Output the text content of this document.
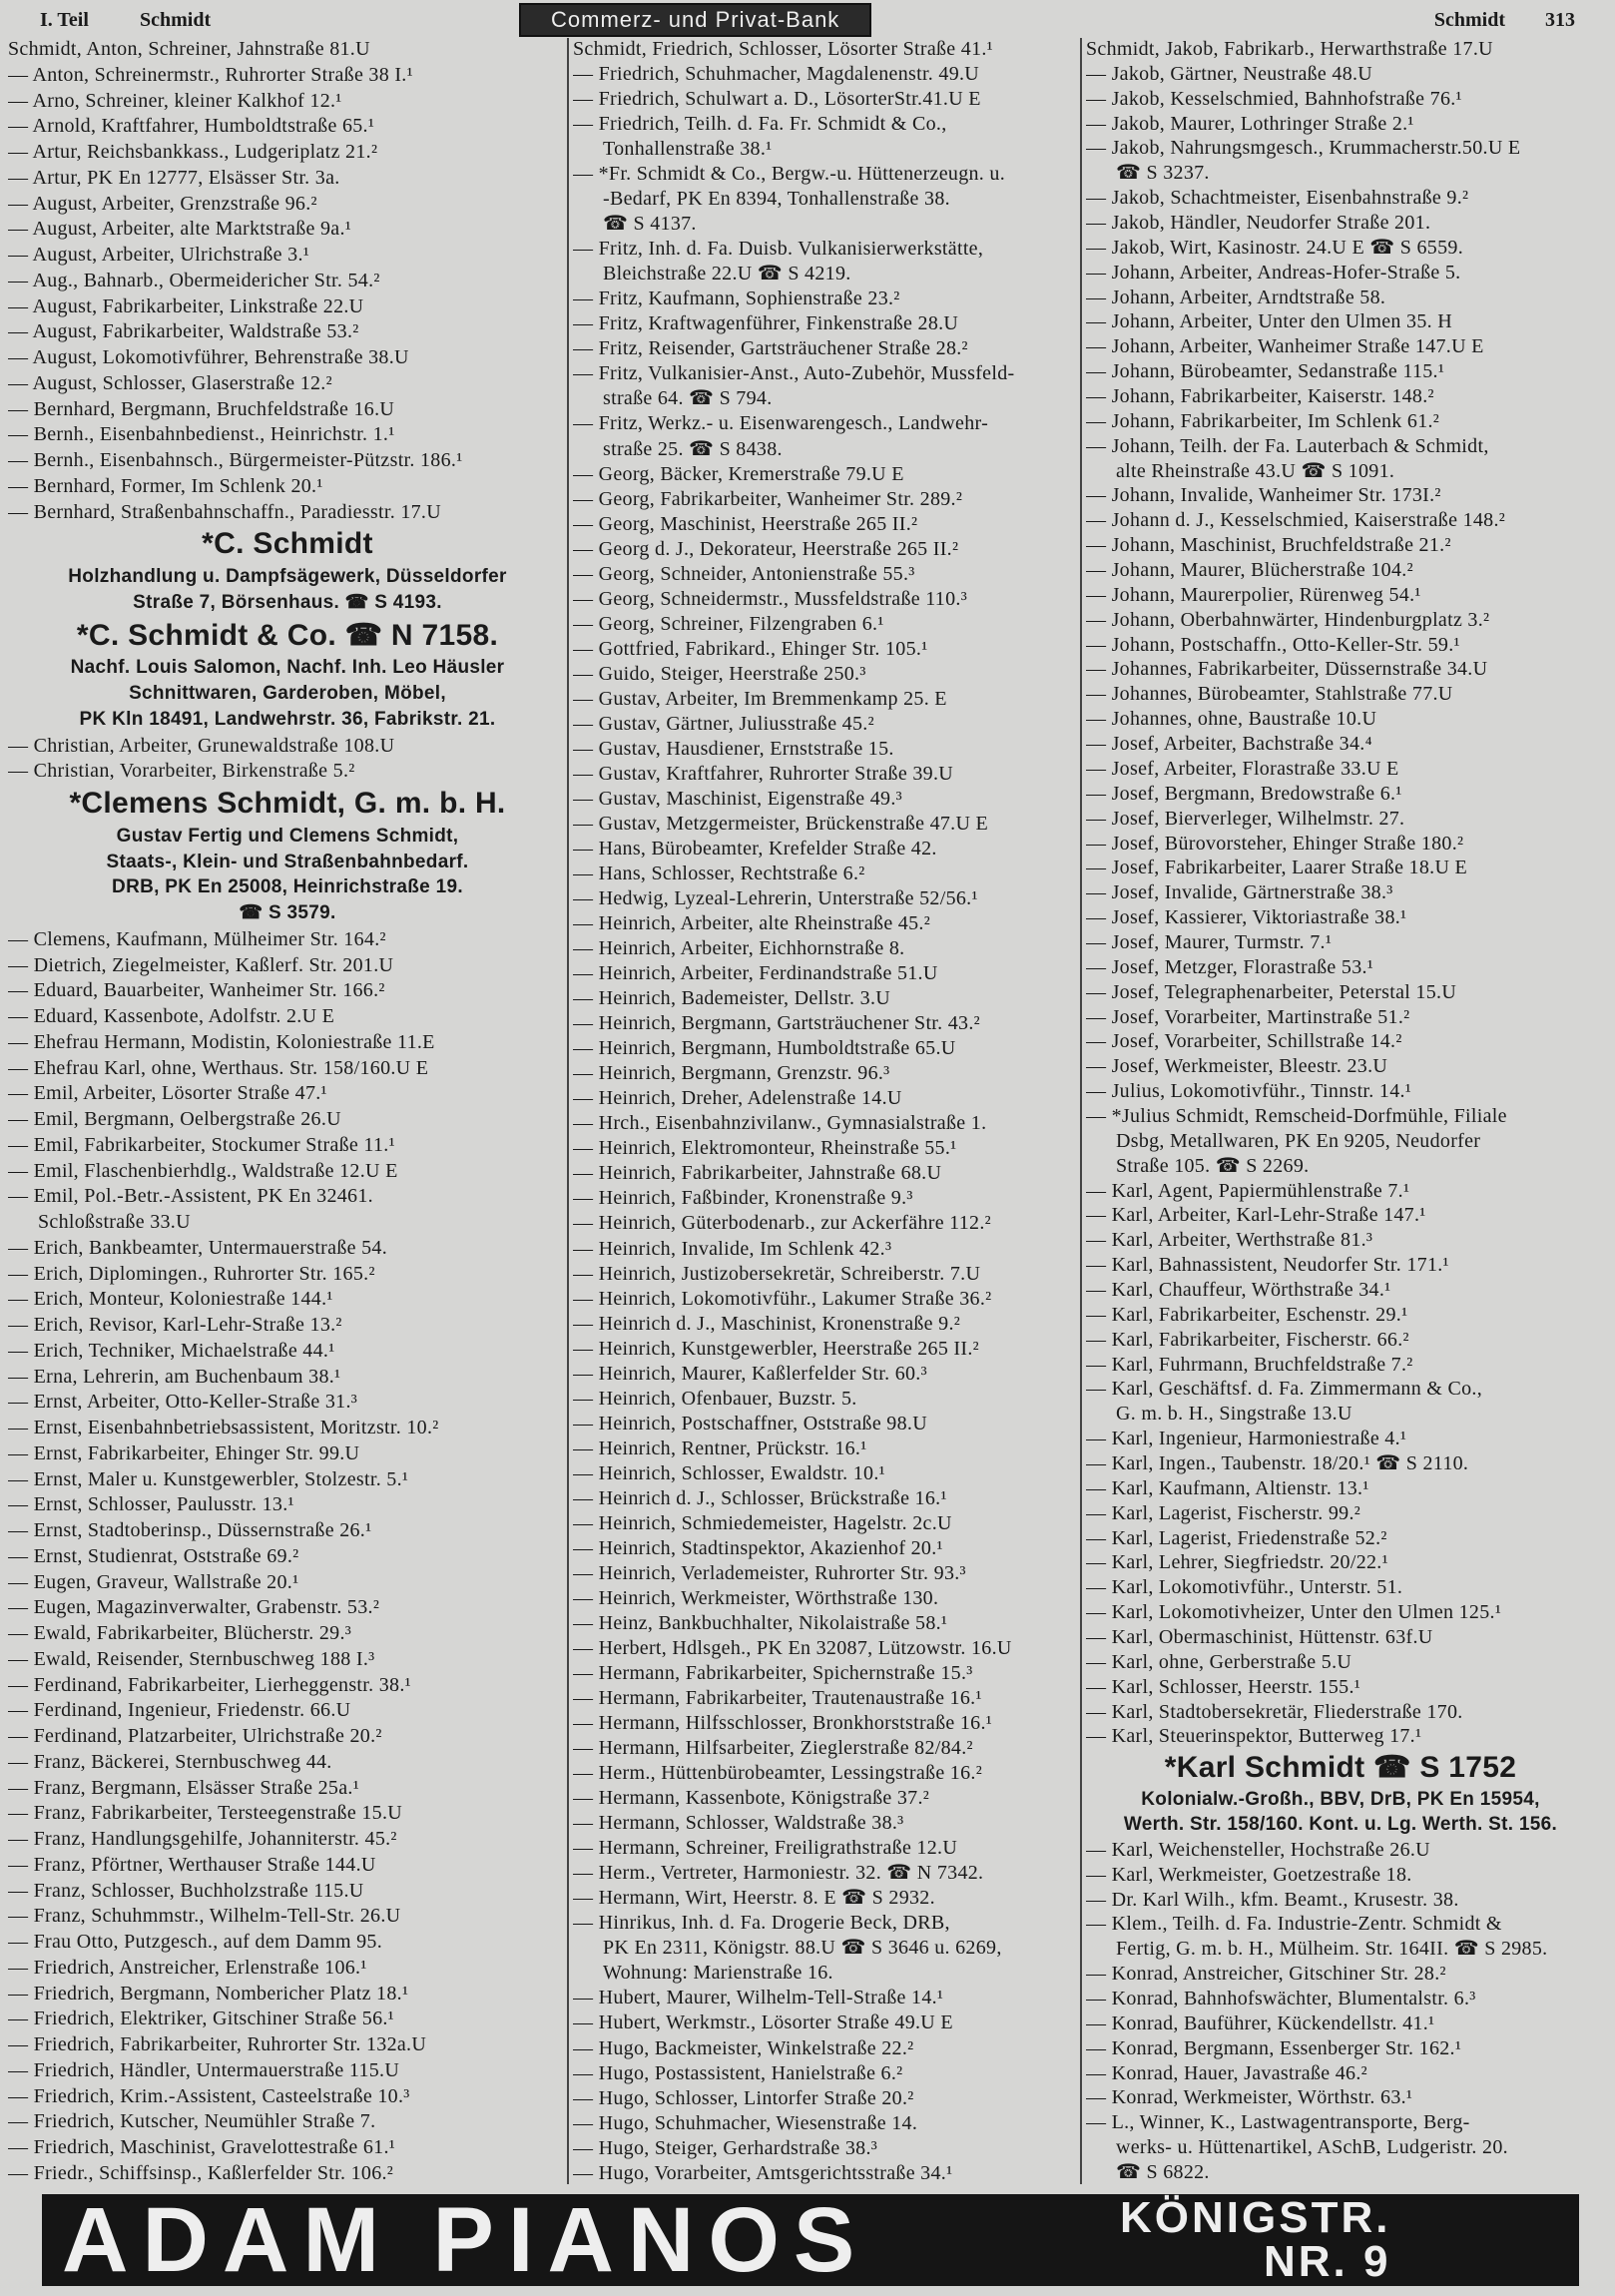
I. Teil	Schmidt	Commerz- und Privat-Bank	Schmidt 313
Schmidt, Anton, Schreiner, Jahnstraße 81.U
— Anton, Schreinermstr., Ruhrorter Straße 38 I.¹
— Arno, Schreiner, kleiner Kalkhof 12.¹
— Arnold, Kraftfahrer, Humboldtstraße 65.¹
— Artur, Reichsbankkass., Ludgeriplatz 21.²
— Artur, PK En 12777, Elsässer Str. 3a.
— August, Arbeiter, Grenzstraße 96.²
— August, Arbeiter, alte Marktstraße 9a.¹
— August, Arbeiter, Ulrichstraße 3.¹
— Aug., Bahnarb., Obermeidericher Str. 54.²
— August, Fabrikarbeiter, Linkstraße 22.U
— August, Fabrikarbeiter, Waldstraße 53.²
— August, Lokomotivführer, Behrenstraße 38.U
— August, Schlosser, Glaserstraße 12.²
— Bernhard, Bergmann, Bruchfeldstraße 16.U
— Bernh., Eisenbahnbedienst., Heinrichstr. 1.¹
— Bernh., Eisenbahnsch., Bürgermeister-Pützstr. 186.¹
— Bernhard, Former, Im Schlenk 20.¹
— Bernhard, Straßenbahnschaffn., Paradiesstr. 17.U
*C. Schmidt
Holzhandlung u. Dampfsägewerk, Düsseldorfer
Straße 7, Börsenhaus. ☎ S 4193.
*C. Schmidt & Co. ☎ N 7158.
Nachf. Louis Salomon, Nachf. Inh. Leo Häusler
Schnittwaren, Garderoben, Möbel,
PK Kln 18491, Landwehrstr. 36, Fabrikstr. 21.
— Christian, Arbeiter, Grunewaldstraße 108.U
— Christian, Vorarbeiter, Birkenstraße 5.²
*Clemens Schmidt, G. m. b. H.
Gustav Fertig und Clemens Schmidt,
Staats-, Klein- und Straßenbahnbedarf.
DRB, PK En 25008, Heinrichstraße 19.
☎ S 3579.
— Clemens, Kaufmann, Mülheimer Str. 164.²
— Dietrich, Ziegelmeister, Kaßlerf. Str. 201.U
— Eduard, Bauarbeiter, Wanheimer Str. 166.²
— Eduard, Kassenbote, Adolfstr. 2.U E
— Ehefrau Hermann, Modistin, Koloniestraße 11.E
— Ehefrau Karl, ohne, Werthaus. Str. 158/160.U E
— Emil, Arbeiter, Lösorter Straße 47.¹
— Emil, Bergmann, Oelbergstraße 26.U
— Emil, Fabrikarbeiter, Stockumer Straße 11.¹
— Emil, Flaschenbierhdlg., Waldstraße 12.U E
— Emil, Pol.-Betr.-Assistent, PK En 32461.
Schloßstraße 33.U
— Erich, Bankbeamter, Untermauerstraße 54.
— Erich, Diplomingen., Ruhrorter Str. 165.²
— Erich, Monteur, Koloniestraße 144.¹
— Erich, Revisor, Karl-Lehr-Straße 13.²
— Erich, Techniker, Michaelstraße 44.¹
— Erna, Lehrerin, am Buchenbaum 38.¹
— Ernst, Arbeiter, Otto-Keller-Straße 31.³
— Ernst, Eisenbahnbetriebsassistent, Moritzstr. 10.²
— Ernst, Fabrikarbeiter, Ehinger Str. 99.U
— Ernst, Maler u. Kunstgewerbler, Stolzestr. 5.¹
— Ernst, Schlosser, Paulusstr. 13.¹
— Ernst, Stadtoberinsp., Düssernstraße 26.¹
— Ernst, Studienrat, Oststraße 69.²
— Eugen, Graveur, Wallstraße 20.¹
— Eugen, Magazinverwalter, Grabenstr. 53.²
— Ewald, Fabrikarbeiter, Blücherstr. 29.³
— Ewald, Reisender, Sternbuschweg 188 I.³
— Ferdinand, Fabrikarbeiter, Lierheggenstr. 38.¹
— Ferdinand, Ingenieur, Friedenstr. 66.U
— Ferdinand, Platzarbeiter, Ulrichstraße 20.²
— Franz, Bäckerei, Sternbuschweg 44.
— Franz, Bergmann, Elsässer Straße 25a.¹
— Franz, Fabrikarbeiter, Tersteegenstraße 15.U
— Franz, Handlungsgehilfe, Johanniterstr. 45.²
— Franz, Pförtner, Werthauser Straße 144.U
— Franz, Schlosser, Buchholzstraße 115.U
— Franz, Schuhmmstr., Wilhelm-Tell-Str. 26.U
— Frau Otto, Putzgesch., auf dem Damm 95.
— Friedrich, Anstreicher, Erlenstraße 106.¹
— Friedrich, Bergmann, Nombericher Platz 18.¹
— Friedrich, Elektriker, Gitschiner Straße 56.¹
— Friedrich, Fabrikarbeiter, Ruhrorter Str. 132a.U
— Friedrich, Händler, Untermauerstraße 115.U
— Friedrich, Krim.-Assistent, Casteelstraße 10.³
— Friedrich, Kutscher, Neumühler Straße 7.
— Friedrich, Maschinist, Gravelottestraße 61.¹
— Friedr., Schiffsinsp., Kaßlerfelder Str. 106.²
Schmidt, Friedrich, Schlosser, Lösorter Straße 41.¹
— Friedrich, Schuhmacher, Magdalenenstr. 49.U
— Friedrich, Schulwart a. D., LösorterStr.41.U E
— Friedrich, Teilh. d. Fa. Fr. Schmidt & Co.,
Tonhallenstraße 38.¹
— *Fr. Schmidt & Co., Bergw.-u. Hüttenerzeugn. u.
-Bedarf, PK En 8394, Tonhallenstraße 38.
☎ S 4137.
— Fritz, Inh. d. Fa. Duisb. Vulkanisierwerkstätte,
Bleichstraße 22.U ☎ S 4219.
— Fritz, Kaufmann, Sophienstraße 23.²
— Fritz, Kraftwagenführer, Finkenstraße 28.U
— Fritz, Reisender, Gartsträuchener Straße 28.²
— Fritz, Vulkanisier-Anst., Auto-Zubehör, Mussfeld-
straße 64. ☎ S 794.
— Fritz, Werkz.- u. Eisenwarengesch., Landwehr-
straße 25. ☎ S 8438.
— Georg, Bäcker, Kremerstraße 79.U E
— Georg, Fabrikarbeiter, Wanheimer Str. 289.²
— Georg, Maschinist, Heerstraße 265 II.²
— Georg d. J., Dekorateur, Heerstraße 265 II.²
— Georg, Schneider, Antonienstraße 55.³
— Georg, Schneidermstr., Mussfeldstraße 110.³
— Georg, Schreiner, Filzengraben 6.¹
— Gottfried, Fabrikard., Ehinger Str. 105.¹
— Guido, Steiger, Heerstraße 250.³
— Gustav, Arbeiter, Im Bremmenkamp 25. E
— Gustav, Gärtner, Juliusstraße 45.²
— Gustav, Hausdiener, Ernststraße 15.
— Gustav, Kraftfahrer, Ruhrorter Straße 39.U
— Gustav, Maschinist, Eigenstraße 49.³
— Gustav, Metzgermeister, Brückenstraße 47.U E
— Hans, Bürobeamter, Krefelder Straße 42.
— Hans, Schlosser, Rechtstraße 6.²
— Hedwig, Lyzeal-Lehrerin, Unterstraße 52/56.¹
— Heinrich, Arbeiter, alte Rheinstraße 45.²
— Heinrich, Arbeiter, Eichhornstraße 8.
— Heinrich, Arbeiter, Ferdinandstraße 51.U
— Heinrich, Bademeister, Dellstr. 3.U
— Heinrich, Bergmann, Gartsträuchener Str. 43.²
— Heinrich, Bergmann, Humboldtstraße 65.U
— Heinrich, Bergmann, Grenzstr. 96.³
— Heinrich, Dreher, Adelenstraße 14.U
— Hrch., Eisenbahnzivilanw., Gymnasialstraße 1.
— Heinrich, Elektromonteur, Rheinstraße 55.¹
— Heinrich, Fabrikarbeiter, Jahnstraße 68.U
— Heinrich, Faßbinder, Kronenstraße 9.³
— Heinrich, Güterbodenarb., zur Ackerfähre 112.²
— Heinrich, Invalide, Im Schlenk 42.³
— Heinrich, Justizobersekretär, Schreiberstr. 7.U
— Heinrich, Lokomotivführ., Lakumer Straße 36.²
— Heinrich d. J., Maschinist, Kronenstraße 9.²
— Heinrich, Kunstgewerbler, Heerstraße 265 II.²
— Heinrich, Maurer, Kaßlerfelder Str. 60.³
— Heinrich, Ofenbauer, Buzstr. 5.
— Heinrich, Postschaffner, Oststraße 98.U
— Heinrich, Rentner, Prückstr. 16.¹
— Heinrich, Schlosser, Ewaldstr. 10.¹
— Heinrich d. J., Schlosser, Brückstraße 16.¹
— Heinrich, Schmiedemeister, Hagelstr. 2c.U
— Heinrich, Stadtinspektor, Akazienhof 20.¹
— Heinrich, Verlademeister, Ruhrorter Str. 93.³
— Heinrich, Werkmeister, Wörthstraße 130.
— Heinz, Bankbuchhalter, Nikolaistraße 58.¹
— Herbert, Hdlsgeh., PK En 32087, Lützowstr. 16.U
— Hermann, Fabrikarbeiter, Spichernstraße 15.³
— Hermann, Fabrikarbeiter, Trautenaustraße 16.¹
— Hermann, Hilfsschlosser, Bronkhorststraße 16.¹
— Hermann, Hilfsarbeiter, Zieglerstraße 82/84.²
— Herm., Hüttenbürobeamter, Lessingstraße 16.²
— Hermann, Kassenbote, Königstraße 37.²
— Hermann, Schlosser, Waldstraße 38.³
— Hermann, Schreiner, Freiligrathstraße 12.U
— Herm., Vertreter, Harmoniestr. 32. ☎ N 7342.
— Hermann, Wirt, Heerstr. 8. E ☎ S 2932.
— Hinrikus, Inh. d. Fa. Drogerie Beck, DRB,
PK En 2311, Königstr. 88.U ☎ S 3646 u. 6269,
Wohnung: Marienstraße 16.
— Hubert, Maurer, Wilhelm-Tell-Straße 14.¹
— Hubert, Werkmstr., Lösorter Straße 49.U E
— Hugo, Backmeister, Winkelstraße 22.²
— Hugo, Postassistent, Hanielstraße 6.²
— Hugo, Schlosser, Lintorfer Straße 20.²
— Hugo, Schuhmacher, Wiesenstraße 14.
— Hugo, Steiger, Gerhardstraße 38.³
— Hugo, Vorarbeiter, Amtsgerichtsstraße 34.¹
Schmidt, Jakob, Fabrikarb., Herwarthstraße 17.U
— Jakob, Gärtner, Neustraße 48.U
— Jakob, Kesselschmied, Bahnhofstraße 76.¹
— Jakob, Maurer, Lothringer Straße 2.¹
— Jakob, Nahrungsmgesch., Krummacherstr.50.U E
☎ S 3237.
— Jakob, Schachtmeister, Eisenbahnstraße 9.²
— Jakob, Händler, Neudorfer Straße 201.
— Jakob, Wirt, Kasinostr. 24.U E ☎ S 6559.
— Johann, Arbeiter, Andreas-Hofer-Straße 5.
— Johann, Arbeiter, Arndtstraße 58.
— Johann, Arbeiter, Unter den Ulmen 35. H
— Johann, Arbeiter, Wanheimer Straße 147.U E
— Johann, Bürobeamter, Sedanstraße 115.¹
— Johann, Fabrikarbeiter, Kaiserstr. 148.²
— Johann, Fabrikarbeiter, Im Schlenk 61.²
— Johann, Teilh. der Fa. Lauterbach & Schmidt,
alte Rheinstraße 43.U ☎ S 1091.
— Johann, Invalide, Wanheimer Str. 173I.²
— Johann d. J., Kesselschmied, Kaiserstraße 148.²
— Johann, Maschinist, Bruchfeldstraße 21.²
— Johann, Maurer, Blücherstraße 104.²
— Johann, Maurerpolier, Rürenweg 54.¹
— Johann, Oberbahnwärter, Hindenburgplatz 3.²
— Johann, Postschaffn., Otto-Keller-Str. 59.¹
— Johannes, Fabrikarbeiter, Düssernstraße 34.U
— Johannes, Bürobeamter, Stahlstraße 77.U
— Johannes, ohne, Baustraße 10.U
— Josef, Arbeiter, Bachstraße 34.⁴
— Josef, Arbeiter, Florastraße 33.U E
— Josef, Bergmann, Bredowstraße 6.¹
— Josef, Bierverleger, Wilhelmstr. 27.
— Josef, Bürovorsteher, Ehinger Straße 180.²
— Josef, Fabrikarbeiter, Laarer Straße 18.U E
— Josef, Invalide, Gärtnerstraße 38.³
— Josef, Kassierer, Viktoriastraße 38.¹
— Josef, Maurer, Turmstr. 7.¹
— Josef, Metzger, Florastraße 53.¹
— Josef, Telegraphenarbeiter, Peterstal 15.U
— Josef, Vorarbeiter, Martinstraße 51.²
— Josef, Vorarbeiter, Schillstraße 14.²
— Josef, Werkmeister, Bleestr. 23.U
— Julius, Lokomotivführ., Tinnstr. 14.¹
— *Julius Schmidt, Remscheid-Dorfmühle, Filiale
Dsbg, Metallwaren, PK En 9205, Neudorfer
Straße 105. ☎ S 2269.
— Karl, Agent, Papiermühlenstraße 7.¹
— Karl, Arbeiter, Karl-Lehr-Straße 147.¹
— Karl, Arbeiter, Werthstraße 81.³
— Karl, Bahnassistent, Neudorfer Str. 171.¹
— Karl, Chauffeur, Wörthstraße 34.¹
— Karl, Fabrikarbeiter, Eschenstr. 29.¹
— Karl, Fabrikarbeiter, Fischerstr. 66.²
— Karl, Fuhrmann, Bruchfeldstraße 7.²
— Karl, Geschäftsf. d. Fa. Zimmermann & Co.,
G. m. b. H., Singstraße 13.U
— Karl, Ingenieur, Harmoniestraße 4.¹
— Karl, Ingen., Taubenstr. 18/20.¹ ☎ S 2110.
— Karl, Kaufmann, Altienstr. 13.¹
— Karl, Lagerist, Fischerstr. 99.²
— Karl, Lagerist, Friedenstraße 52.²
— Karl, Lehrer, Siegfriedstr. 20/22.¹
— Karl, Lokomotivführ., Unterstr. 51.
— Karl, Lokomotivheizer, Unter den Ulmen 125.¹
— Karl, Obermaschinist, Hüttenstr. 63f.U
— Karl, ohne, Gerberstraße 5.U
— Karl, Schlosser, Heerstr. 155.¹
— Karl, Stadtobersekretär, Fliederstraße 170.
— Karl, Steuerinspektor, Butterweg 17.¹
*Karl Schmidt ☎ S 1752
Kolonialw.-Großh., BBV, DrB, PK En 15954,
Werth. Str. 158/160. Kont. u. Lg. Werth. St. 156.
— Karl, Weichensteller, Hochstraße 26.U
— Karl, Werkmeister, Goetzestraße 18.
— Dr. Karl Wilh., kfm. Beamt., Krusestr. 38.
— Klem., Teilh. d. Fa. Industrie-Zentr. Schmidt &
Fertig, G. m. b. H., Mülheim. Str. 164II. ☎ S 2985.
— Konrad, Anstreicher, Gitschiner Str. 28.²
— Konrad, Bahnhofswächter, Blumentalstr. 6.³
— Konrad, Bauführer, Kückendellstr. 41.¹
— Konrad, Bergmann, Essenberger Str. 162.¹
— Konrad, Hauer, Javastraße 46.²
— Konrad, Werkmeister, Wörthstr. 63.¹
— L., Winner, K., Lastwagentransporte, Berg-
werks- u. Hüttenartikel, ASchB, Ludgeristr. 20.
☎ S 6822.
ADAM PIANOS	KÖNIGSTR.
NR. 9
